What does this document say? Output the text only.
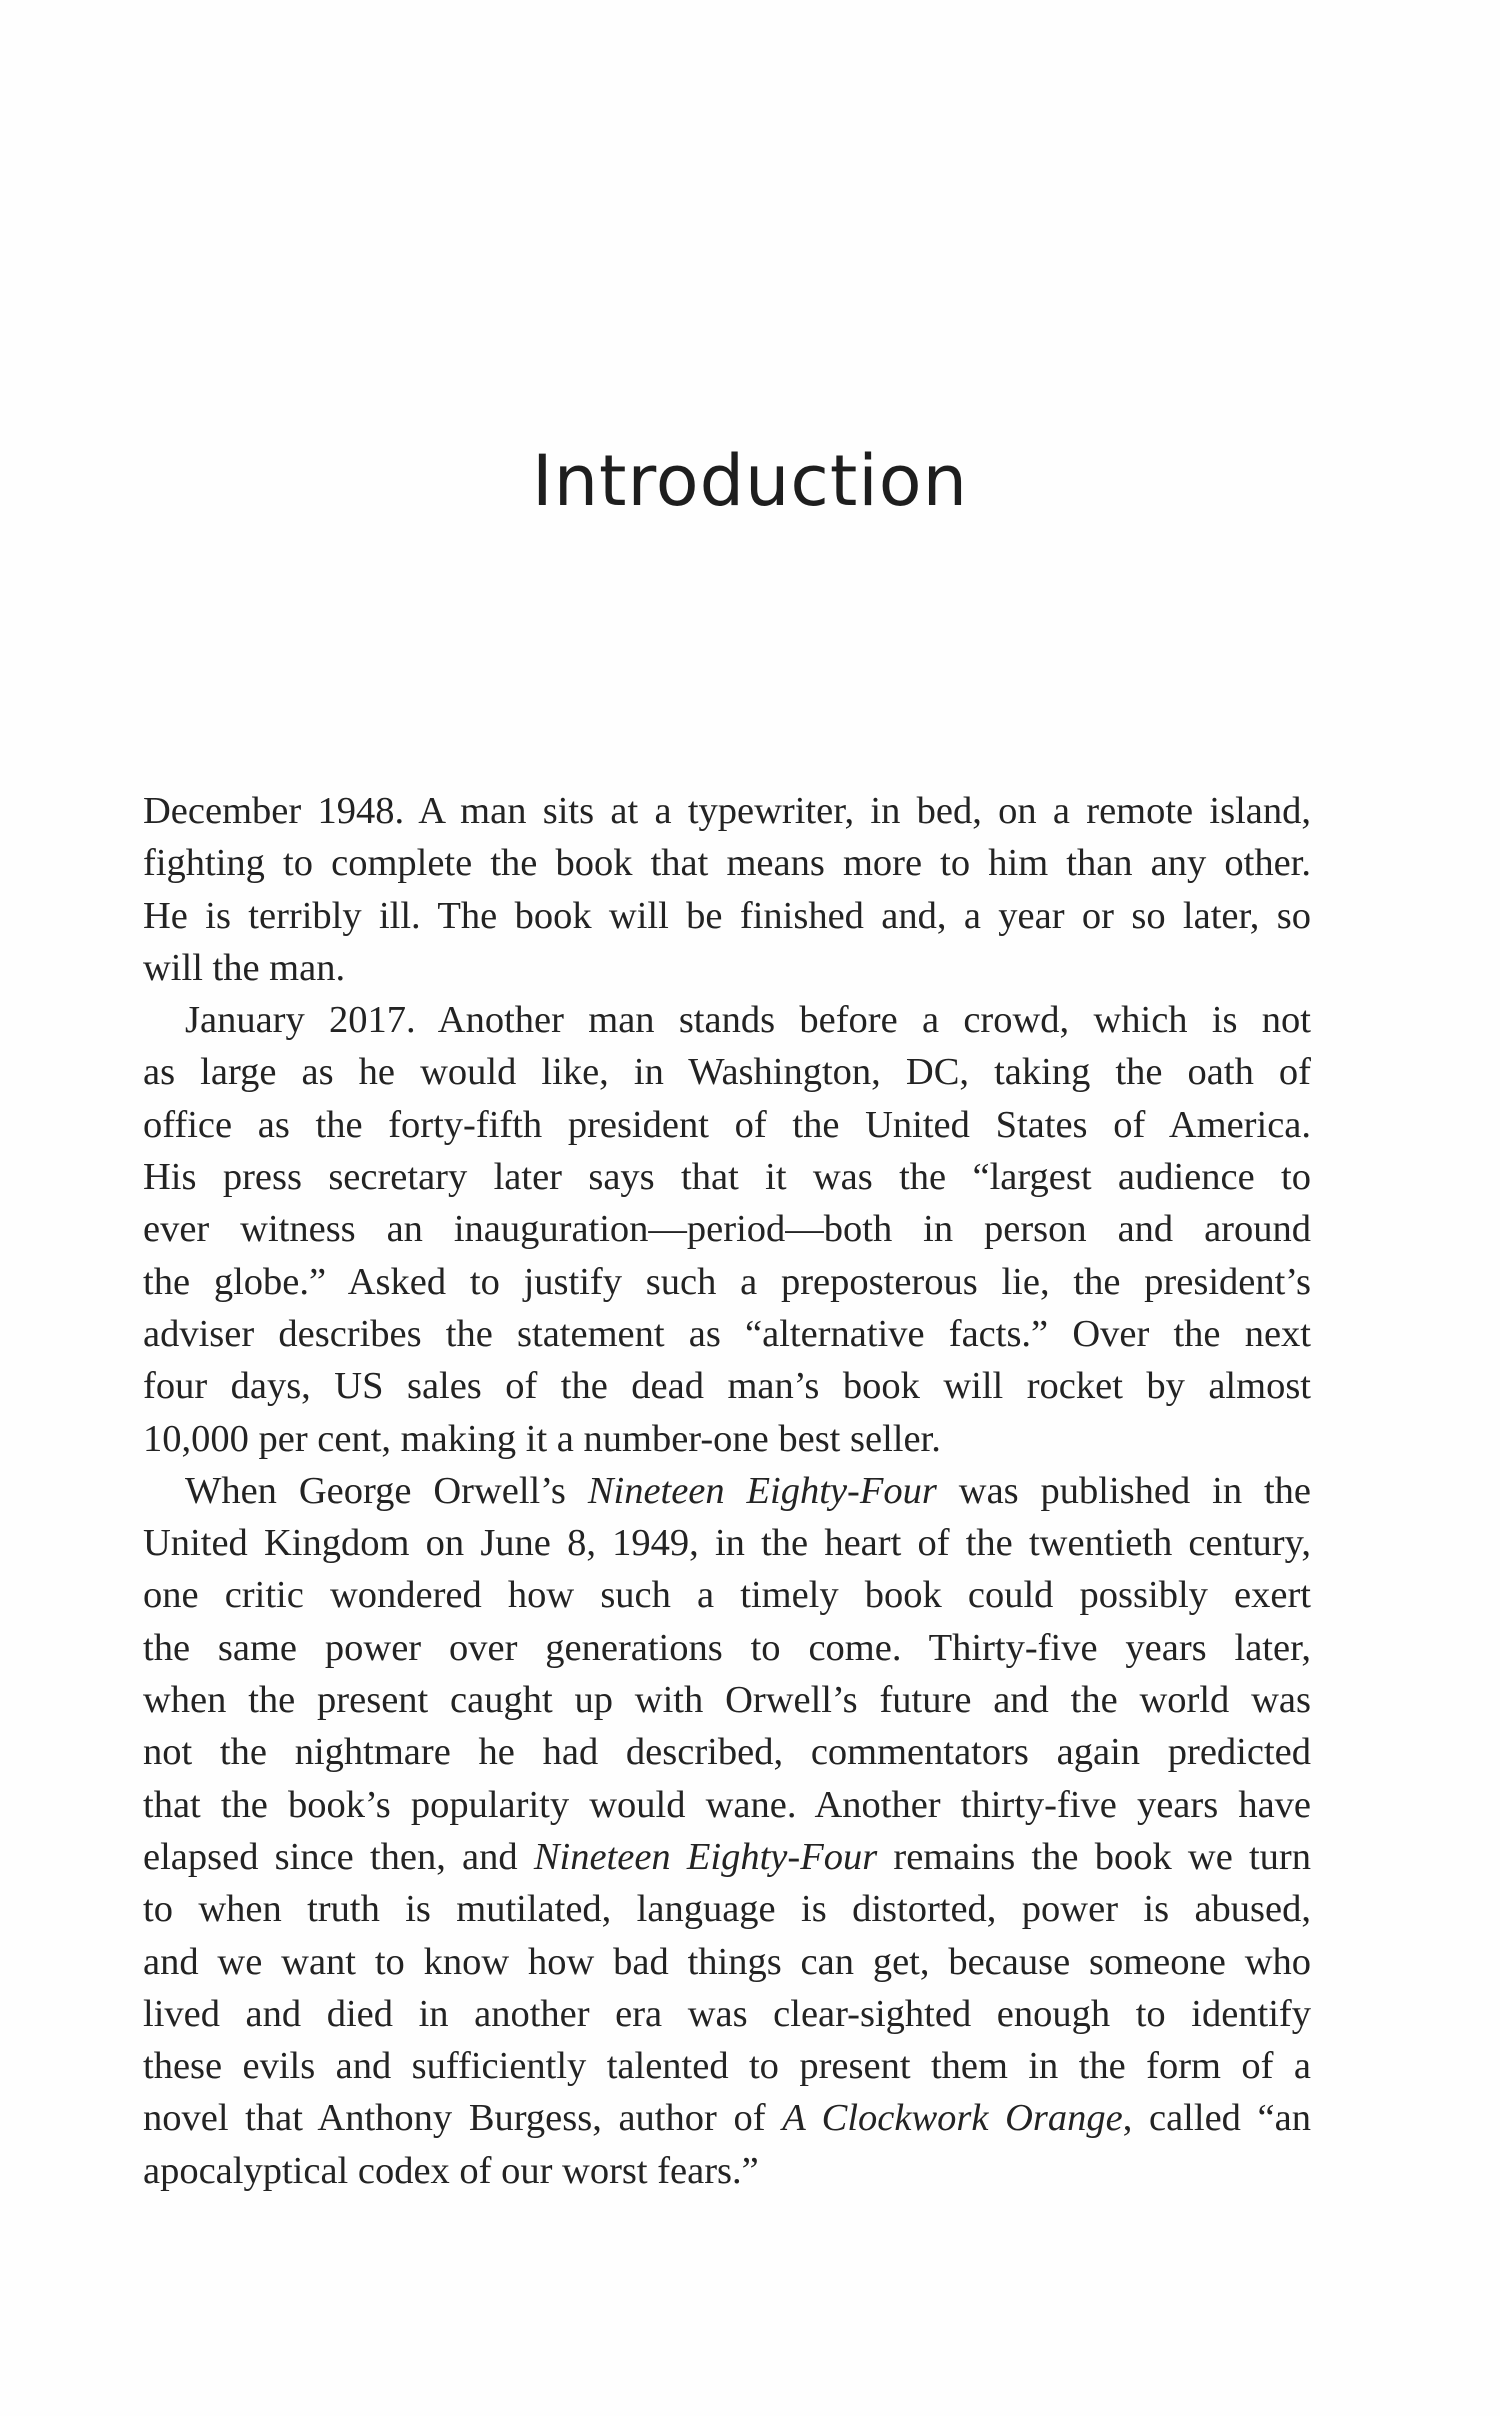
Introduction
December 1948. A man sits at a typewriter, in bed, on a remote island,
fighting to complete the book that means more to him than any other.
He is terribly ill. The book will be finished and, a year or so later, so
will the man.
January 2017. Another man stands before a crowd, which is not
as large as he would like, in Washington, DC, taking the oath of
office as the forty-fifth president of the United States of America.
His press secretary later says that it was the “largest audience to
ever witness an inauguration—period—both in person and around
the globe.” Asked to justify such a preposterous lie, the president’s
adviser describes the statement as “alternative facts.” Over the next
four days, US sales of the dead man’s book will rocket by almost
10,000 per cent, making it a number-one best seller.
When George Orwell’s Nineteen Eighty-Four was published in the
United Kingdom on June 8, 1949, in the heart of the twentieth century,
one critic wondered how such a timely book could possibly exert
the same power over generations to come. Thirty-five years later,
when the present caught up with Orwell’s future and the world was
not the nightmare he had described, commentators again predicted
that the book’s popularity would wane. Another thirty-five years have
elapsed since then, and Nineteen Eighty-Four remains the book we turn
to when truth is mutilated, language is distorted, power is abused,
and we want to know how bad things can get, because someone who
lived and died in another era was clear-sighted enough to identify
these evils and sufficiently talented to present them in the form of a
novel that Anthony Burgess, author of A Clockwork Orange, called “an
apocalyptical codex of our worst fears.”
